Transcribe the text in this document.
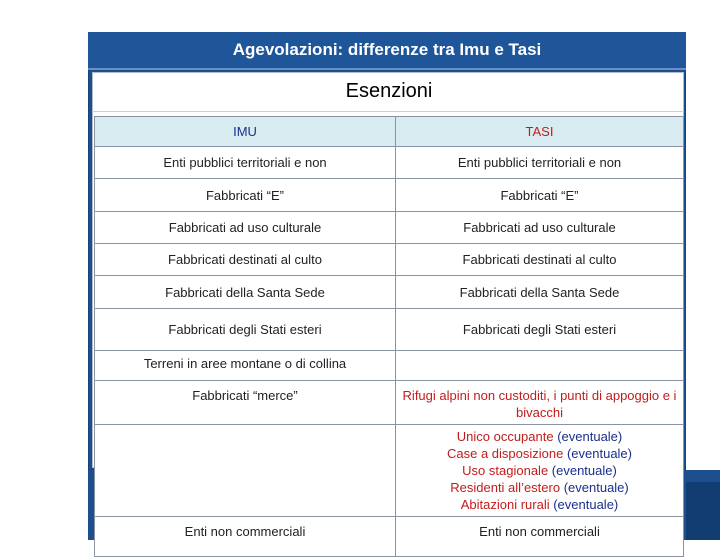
Agevolazioni: differenze tra Imu e Tasi
Esenzioni
IMU	TASI
Enti pubblici territoriali e non	Enti pubblici territoriali e non
Fabbricati “E”	Fabbricati “E”
Fabbricati ad uso culturale	Fabbricati ad uso culturale
Fabbricati destinati al culto	Fabbricati destinati al culto
Fabbricati della Santa Sede	Fabbricati della Santa Sede
Fabbricati degli Stati esteri	Fabbricati degli Stati esteri
Terreni in aree montane o di collina	
Fabbricati “merce”	Rifugi alpini non custoditi, i punti di appoggio e i bivacchi

	Unico occupante (eventuale)
Case a disposizione (eventuale)
Uso stagionale (eventuale)
Residenti all’estero (eventuale)
Abitazioni rurali (eventuale)

Enti non commerciali	Enti non commerciali
